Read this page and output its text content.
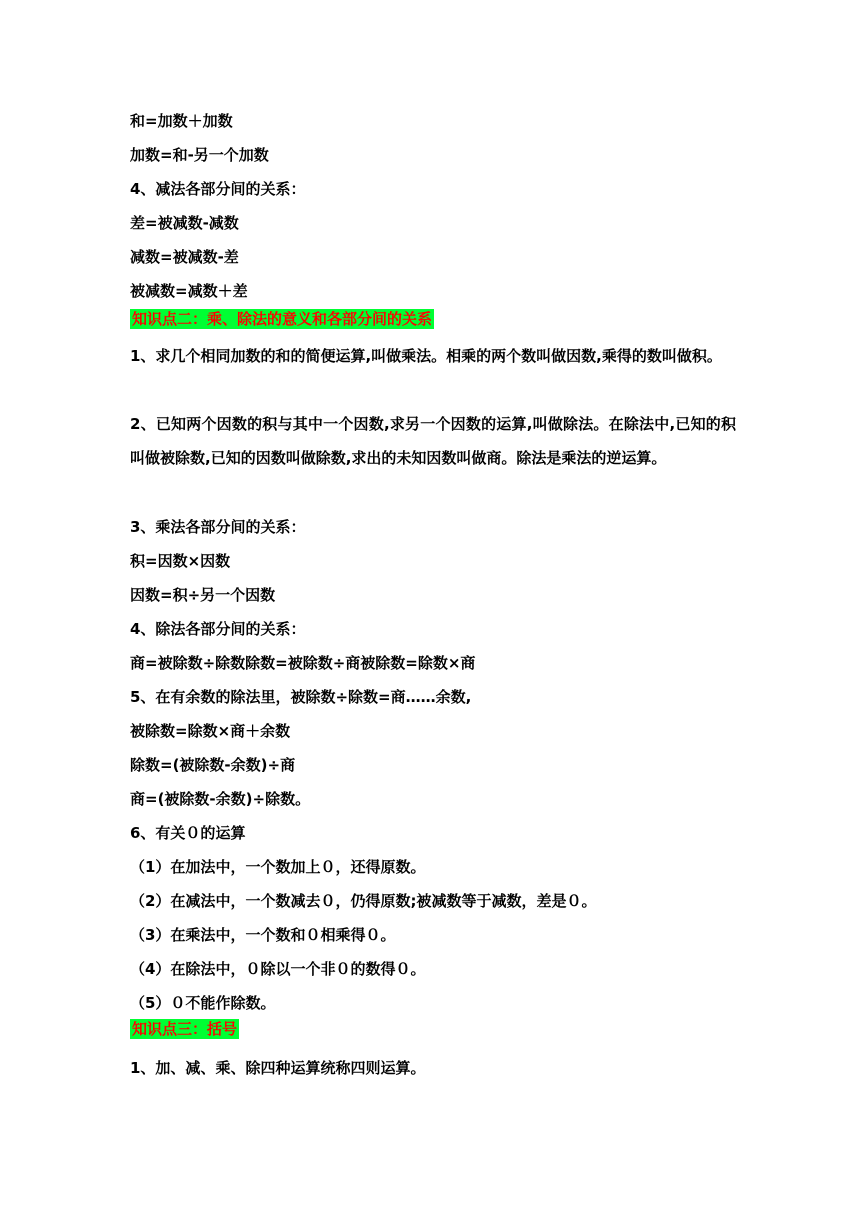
和=加数＋加数
加数=和-另一个加数
4、减法各部分间的关系：
差=被减数-减数
减数=被减数-差
被减数=减数＋差
知识点二：乘、除法的意义和各部分间的关系
1、求几个相同加数的和的简便运算,叫做乘法。相乘的两个数叫做因数,乘得的数叫做积。
2、已知两个因数的积与其中一个因数,求另一个因数的运算,叫做除法。在除法中,已知的积叫做被除数,已知的因数叫做除数,求出的未知因数叫做商。除法是乘法的逆运算。
3、乘法各部分间的关系：
积=因数×因数
因数=积÷另一个因数
4、除法各部分间的关系：
商=被除数÷除数除数=被除数÷商被除数=除数×商
5、在有余数的除法里，被除数÷除数=商……余数,
被除数=除数×商＋余数
除数=(被除数-余数)÷商
商=(被除数-余数)÷除数。
6、有关０的运算
（1）在加法中，一个数加上０，还得原数。
（2）在减法中，一个数减去０，仍得原数;被减数等于减数，差是０。
（3）在乘法中，一个数和０相乘得０。
（4）在除法中，０除以一个非０的数得０。
（5）０不能作除数。
知识点三：括号
1、加、减、乘、除四种运算统称四则运算。
